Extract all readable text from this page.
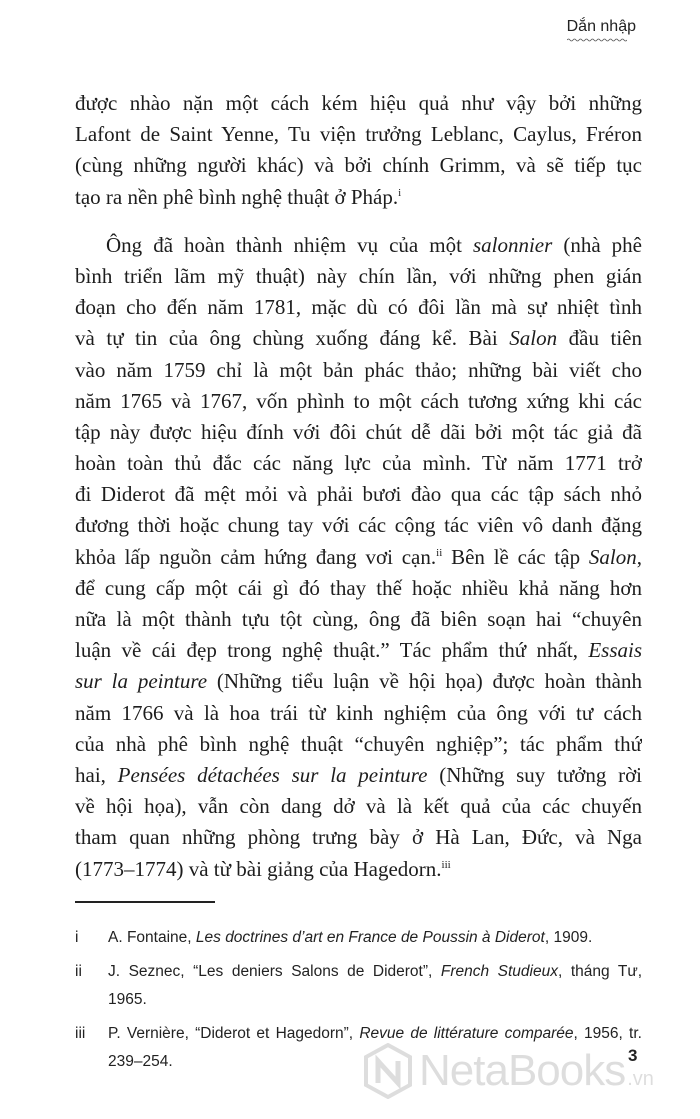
Dắn nhập
được nhào nặn một cách kém hiệu quả như vậy bởi những
Lafont de Saint Yenne, Tu viện trưởng Leblanc, Caylus, Fréron
(cùng những người khác) và bởi chính Grimm, và sẽ tiếp tục
tạo ra nền phê bình nghệ thuật ở Pháp.$^i$
Ông đã hoàn thành nhiệm vụ của một salonnier (nhà phê
bình triển lãm mỹ thuật) này chín lần, với những phen gián
đoạn cho đến năm 1781, mặc dù có đôi lần mà sự nhiệt tình
và tự tin của ông chùng xuống đáng kể. Bài Salon đầu tiên
vào năm 1759 chỉ là một bản phác thảo; những bài viết cho
năm 1765 và 1767, vốn phình to một cách tương xứng khi các
tập này được hiệu đính với đôi chút dễ dãi bởi một tác giả đã
hoàn toàn thủ đắc các năng lực của mình. Từ năm 1771 trở
đi Diderot đã mệt mỏi và phải bươi đào qua các tập sách nhỏ
đương thời hoặc chung tay với các cộng tác viên vô danh đặng
khỏa lấp nguồn cảm hứng đang vơi cạn.$^{ii}$ Bên lề các tập Salon,
để cung cấp một cái gì đó thay thế hoặc nhiều khả năng hơn
nữa là một thành tựu tột cùng, ông đã biên soạn hai “chuyên
luận về cái đẹp trong nghệ thuật.” Tác phẩm thứ nhất, Essais
sur la peinture (Những tiểu luận về hội họa) được hoàn thành
năm 1766 và là hoa trái từ kinh nghiệm của ông với tư cách
của nhà phê bình nghệ thuật “chuyên nghiệp”; tác phẩm thứ
hai, Pensées détachées sur la peinture (Những suy tưởng rời
về hội họa), vẫn còn dang dở và là kết quả của các chuyến
tham quan những phòng trưng bày ở Hà Lan, Đức, và Nga
(1773–1774) và từ bài giảng của Hagedorn.$^{iii}$
i A. Fontaine, Les doctrines d’art en France de Poussin à Diderot, 1909.
ii J. Seznec, “Les deniers Salons de Diderot”, French Studieux, tháng Tư, 1965.
iii P. Vernière, “Diderot et Hagedorn”, Revue de littérature comparée, 1956, tr. 239–254.	NetaBooks .vn
3
